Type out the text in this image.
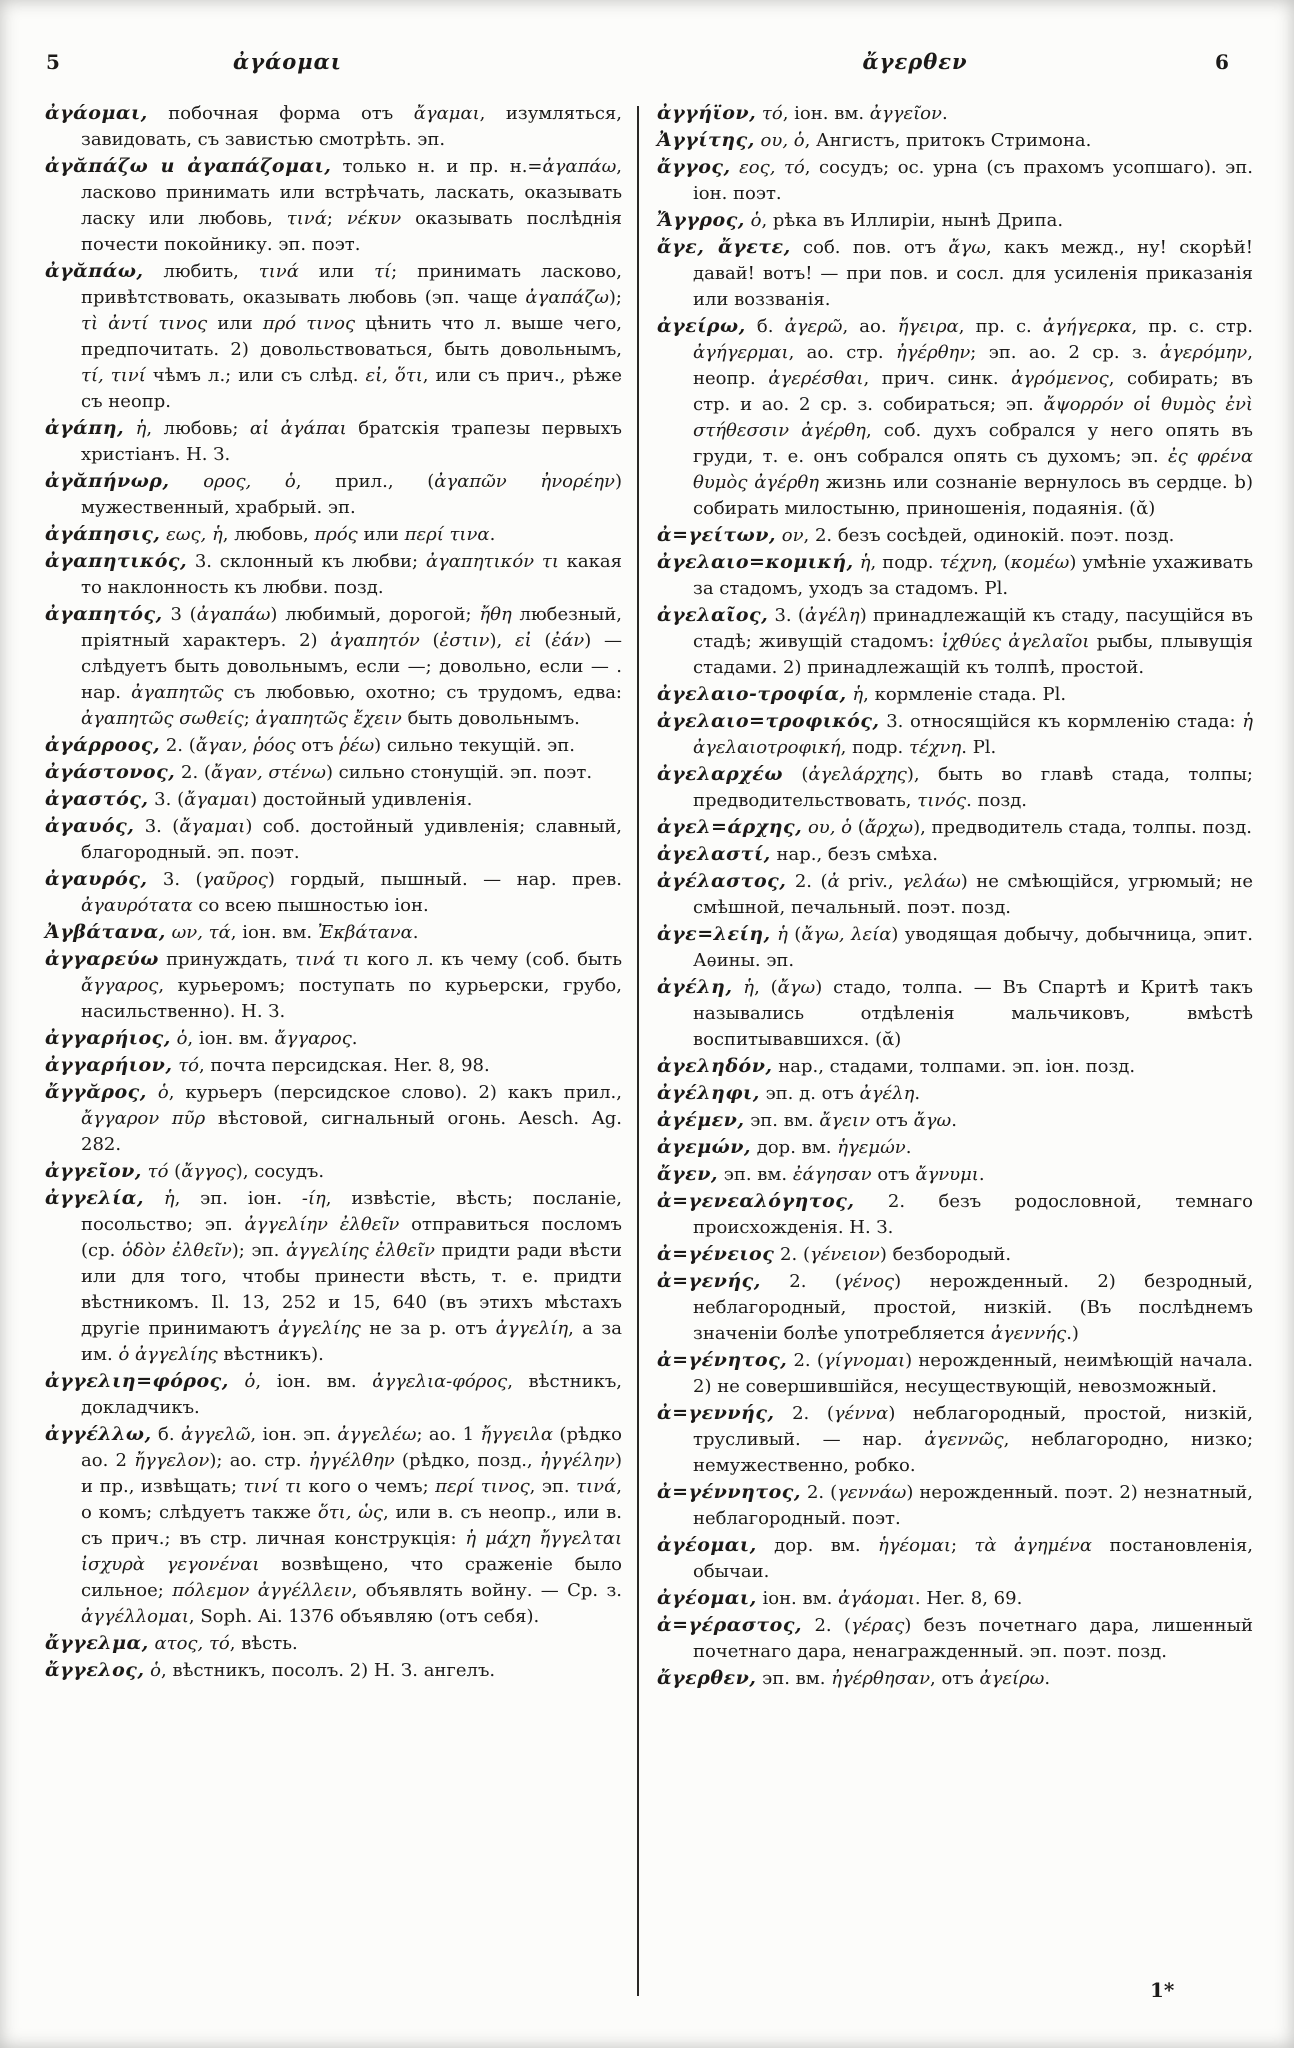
5	ἀγάομαι	ἄγερθεν	6

ἀγάομαι, побочная форма отъ ἄγαμαι, изумляться, завидовать, съ завистью смотрѣть. эп.

ἀγᾰπάζω и ἀγαπάζομαι, только н. и пр. н.=ἀγαπάω, ласково принимать или встрѣчать, ласкать, оказывать ласку или любовь, τινά; νέκυν оказывать послѣднія почести покойнику. эп. поэт.

ἀγᾰπάω, любить, τινά или τί; принимать ласково, привѣтствовать, оказывать любовь (эп. чаще ἀγαπάζω); τὶ ἀντί τινος или πρό τινος цѣнить что л. выше чего, предпочитать. 2) довольствоваться, быть довольнымъ, τί, τινί чѣмъ л.; или съ слѣд. εἰ, ὅτι, или съ прич., рѣже съ неопр.

ἀγάπη, ἡ, любовь; αἱ ἀγάπαι братскія трапезы первыхъ христіанъ. Н. З.

ἀγᾰπήνωρ, ορος, ὁ, прил., (ἀγαπῶν ἠνορέην) мужественный, храбрый. эп.

ἀγάπησις, εως, ἡ, любовь, πρός или περί τινα.

ἀγαπητικός, 3. склонный къ любви; ἀγαπητικόν τι какая то наклонность къ любви. позд.

ἀγαπητός, 3 (ἀγαπάω) любимый, дорогой; ἤθη любезный, пріятный характеръ. 2) ἀγαπητόν (ἐστιν), εἰ (ἐάν) — слѣдуетъ быть довольнымъ, если —; довольно, если — . нар. ἀγαπητῶς съ любовью, охотно; съ трудомъ, едва: ἀγαπητῶς σωθείς; ἀγαπητῶς ἔχειν быть довольнымъ.

ἀγάρροος, 2. (ἄγαν, ῥόος отъ ῥέω) сильно текущій. эп.

ἀγάστονος, 2. (ἄγαν, στένω) сильно стонущій. эп. поэт.

ἀγαστός, 3. (ἄγαμαι) достойный удивленія.

ἀγαυός, 3. (ἄγαμαι) соб. достойный удивленія; славный, благородный. эп. поэт.

ἀγαυρός, 3. (γαῦρος) гордый, пышный. — нар. прев. ἀγαυρότατα со всею пышностью іон.

Ἀγβάτανα, ων, τά, іон. вм. Ἐκβάτανα.

ἀγγαρεύω принуждать, τινά τι кого л. къ чему (соб. быть ἄγγαρος, курьеромъ; поступать по курьерски, грубо, насильственно). Н. З.

ἀγγαρήιος, ὁ, іон. вм. ἄγγαρος.

ἀγγαρήιον, τό, почта персидская. Her. 8, 98.

ἄγγᾰρος, ὁ, курьеръ (персидское слово). 2) какъ прил., ἄγγαρον πῦρ вѣстовой, сигнальный огонь. Aesch. Ag. 282.

ἀγγεῖον, τό (ἄγγος), сосудъ.

ἀγγελία, ἡ, эп. іон. -ίη, извѣстіе, вѣсть; посланіе, посольство; эп. ἀγγελίην ἐλθεῖν отправиться посломъ (ср. ὁδὸν ἐλθεῖν); эп. ἀγγελίης ἐλθεῖν придти ради вѣсти или для того, чтобы принести вѣсть, т. е. придти вѣстникомъ. Il. 13, 252 и 15, 640 (въ этихъ мѣстахъ другіе принимаютъ ἀγγελίης не за р. отъ ἀγγελίη, а за им. ὁ ἀγγελίης вѣстникъ).

ἀγγελιη=φόρος, ὁ, іон. вм. ἀγγελια-φόρος, вѣстникъ, докладчикъ.

ἀγγέλλω, б. ἀγγελῶ, іон. эп. ἀγγελέω; ао. 1 ἤγγειλα (рѣдко ао. 2 ἤγγελον); ао. стр. ἠγγέλθην (рѣдко, позд., ἠγγέλην) и пр., извѣщать; τινί τι кого о чемъ; περί τινος, эп. τινά, о комъ; слѣдуетъ также ὅτι, ὡς, или в. съ неопр., или в. съ прич.; въ стр. личная конструкція: ἡ μάχη ἤγγελται ἰσχυρὰ γεγονέναι возвѣщено, что сраженіе было сильное; πόλεμον ἀγγέλλειν, объявлять войну. — Ср. з. ἀγγέλλομαι, Soph. Ai. 1376 объявляю (отъ себя).

ἄγγελμα, ατος, τό, вѣсть.

ἄγγελος, ὁ, вѣстникъ, посолъ. 2) Н. З. ангелъ.

ἀγγήϊον, τό, іон. вм. ἀγγεῖον.

Ἀγγίτης, ου, ὁ, Ангистъ, притокъ Стримона.

ἄγγος, εος, τό, сосудъ; ос. урна (съ прахомъ усопшаго). эп. іон. поэт.

Ἄγγρος, ὁ, рѣка въ Иллиріи, нынѣ Дрипа.

ἄγε, ἄγετε, соб. пов. отъ ἄγω, какъ межд., ну! скорѣй! давай! вотъ! — при пов. и сосл. для усиленія приказанія или воззванія.

ἀγείρω, б. ἀγερῶ, ао. ἤγειρα, пр. с. ἀγήγερκα, пр. с. стр. ἀγήγερμαι, ао. стр. ἠγέρθην; эп. ао. 2 ср. з. ἀγερόμην, неопр. ἀγερέσθαι, прич. синк. ἀγρόμενος, собирать; въ стр. и ао. 2 ср. з. собираться; эп. ἄψορρόν οἱ θυμὸς ἐνὶ στήθεσσιν ἀγέρθη, соб. духъ собрался у него опять въ груди, т. е. онъ собрался опять съ духомъ; эп. ἐς φρένα θυμὸς ἀγέρθη жизнь или сознаніе вернулось въ сердце. b) собирать милостыню, приношенія, подаянія. (ᾰ)

ἀ=γείτων, ον, 2. безъ сосѣдей, одинокій. поэт. позд.

ἀγελαιο=κομική, ἡ, подр. τέχνη, (κομέω) умѣніе ухаживать за стадомъ, уходъ за стадомъ. Pl.

ἀγελαῖος, 3. (ἀγέλη) принадлежащій къ стаду, пасущійся въ стадѣ; живущій стадомъ: ἰχθύες ἀγελαῖοι рыбы, плывущія стадами. 2) принадлежащій къ толпѣ, простой.

ἀγελαιο-τροφία, ἡ, кормленіе стада. Pl.

ἀγελαιο=τροφικός, 3. относящійся къ кормленію стада: ἡ ἀγελαιοτροφική, подр. τέχνη. Pl.

ἀγελαρχέω (ἀγελάρχης), быть во главѣ стада, толпы; предводительствовать, τινός. позд.

ἀγελ=άρχης, ου, ὁ (ἄρχω), предводитель стада, толпы. позд.

ἀγελαστί, нар., безъ смѣха.

ἀγέλαστος, 2. (ἀ priv., γελάω) не смѣющійся, угрюмый; не смѣшной, печальный. поэт. позд.

ἀγε=λείη, ἡ (ἄγω, λεία) уводящая добычу, добычница, эпит. Аѳины. эп.

ἀγέλη, ἡ, (ἄγω) стадо, толпа. — Въ Спартѣ и Критѣ такъ назывались отдѣленія мальчиковъ, вмѣстѣ воспитывавшихся. (ᾰ)

ἀγεληδόν, нар., стадами, толпами. эп. іон. позд.

ἀγέληφι, эп. д. отъ ἀγέλη.

ἀγέμεν, эп. вм. ἄγειν отъ ἄγω.

ἀγεμών, дор. вм. ἡγεμών.

ἄγεν, эп. вм. ἐάγησαν отъ ἄγνυμι.

ἀ=γενεαλόγητος, 2. безъ родословной, темнаго происхожденія. Н. З.

ἀ=γένειος 2. (γένειον) безбородый.

ἀ=γενής, 2. (γένος) нерожденный. 2) безродный, неблагородный, простой, низкій. (Въ послѣднемъ значеніи болѣе употребляется ἀγεννής.)

ἀ=γένητος, 2. (γίγνομαι) нерожденный, неимѣющій начала. 2) не совершившійся, несуществующій, невозможный.

ἀ=γεννής, 2. (γέννα) неблагородный, простой, низкій, трусливый. — нар. ἀγεννῶς, неблагородно, низко; немужественно, робко.

ἀ=γέννητος, 2. (γεννάω) нерожденный. поэт. 2) незнатный, неблагородный. поэт.

ἀγέομαι, дор. вм. ἡγέομαι; τὰ ἀγημένα постановленія, обычаи.

ἀγέομαι, іон. вм. ἀγάομαι. Her. 8, 69.

ἀ=γέραστος, 2. (γέρας) безъ почетнаго дара, лишенный почетнаго дара, ненагражденный. эп. поэт. позд.

ἄγερθεν, эп. вм. ἠγέρθησαν, отъ ἀγείρω.

1*
